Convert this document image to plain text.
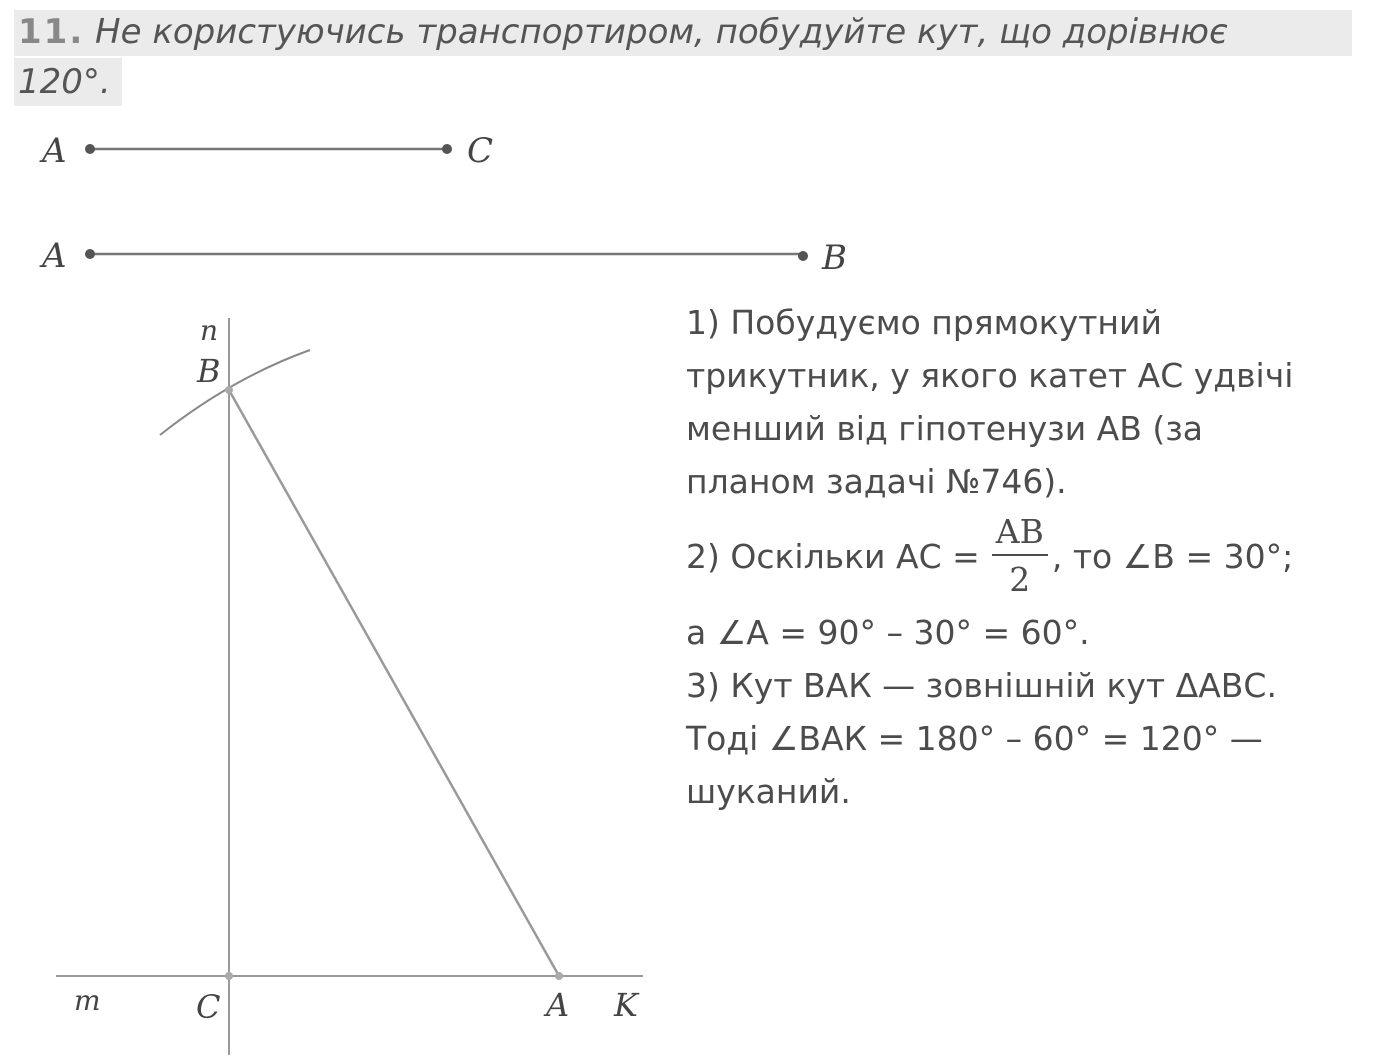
11. Не користуючись транспортиром, побудуйте кут, що дорівнює
120°.
A	C
A	B
n
B
m	C	A K

1) Побудуємо прямокутний

трикутник, у якого катет АС удвічі

менший від гіпотенузи АВ (за

планом задачі №746).

2) Оскільки АС = $\frac{AB}{2}$ , то ∠В = 30°;

а ∠А = 90° – 30° = 60°.

3) Кут ВАК — зовнішній кут ΔАВС.

Тоді ∠ВАК = 180° – 60° = 120° —

шуканий.
